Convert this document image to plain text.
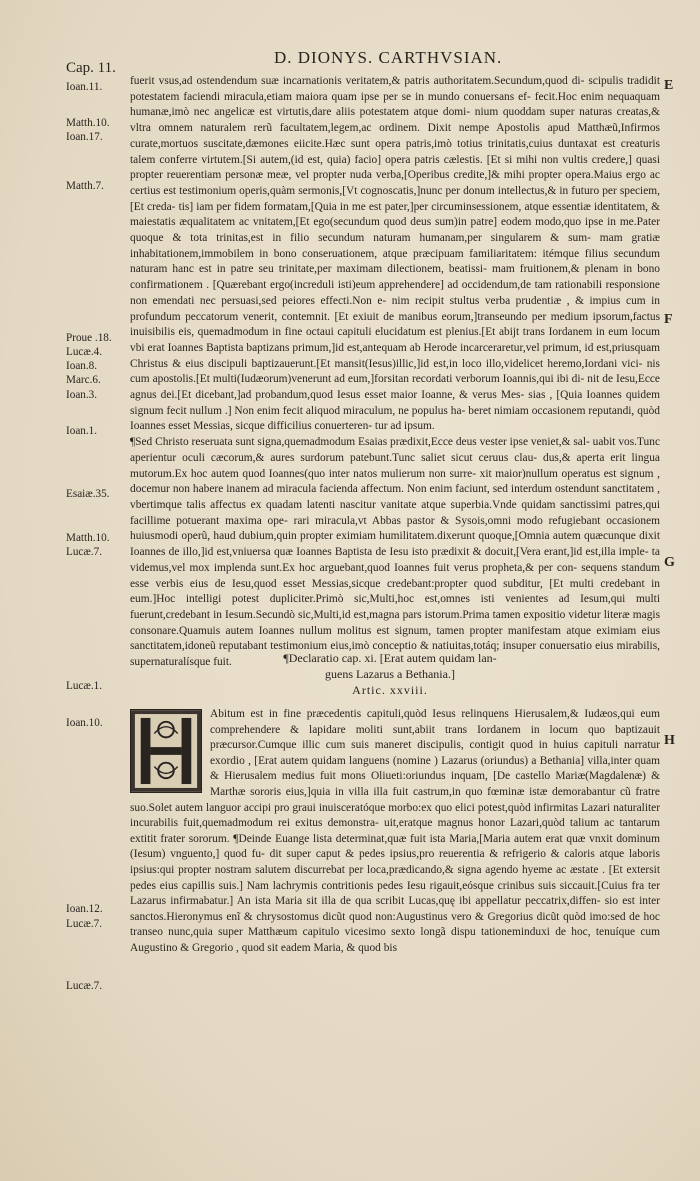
Cap. 11.
D. DIONYS. CARTHVSIAN.
Ioan.11.
Matth.10.
Ioan.17.
Matth.7.
Proue .18.
Lucæ.4.
Ioan.8.
Marc.6.
Ioan.3.
Ioan.1.
Esaiæ.35.
Matth.10.
Lucæ.7.
Lucæ.1.
Ioan.10.
Ioan.12.
Lucæ.7.
Lucæ.7.
E
F
G
H

fuerit vsus,ad ostendendum suæ incarnationis veritatem,& patris authoritatem.Secundum,quod di- scipulis tradidit potestatem faciendi miracula,etiam maiora quam ipse per se in mundo conuersans ef- fecit.Hoc enim nequaquam humanæ,imò nec angelicæ est virtutis,dare aliis potestatem atque domi- nium quoddam super naturas creatas,& vltra omnem naturalem rerũ facultatem,legem,ac ordinem. Dixit nempe Apostolis apud Matthæũ,Infirmos curate,mortuos suscitate,dæmones eiicite.Hæc sunt opera patris,imò totius trinitatis,cuius duntaxat est creaturis talem conferre virtutem.[Si autem,(id est, quia) facio] opera patris cælestis. [Et si mihi non vultis credere,] quasi propter reuerentiam personæ meæ, vel propter nuda verba,[Operibus credite,]& mihi propter opera.Maius ergo ac certius est testimonium operis,quàm sermonis,[Vt cognoscatis,]nunc per donum intellectus,& in futuro per speciem, [Et creda- tis] iam per fidem formatam,[Quia in me est pater,]per circuminsessionem, atque essentiæ identitatem, & maiestatis æqualitatem ac vnitatem,[Et ego(secundum quod deus sum)in patre] eodem modo,quo ipse in me.Pater quoque & tota trinitas,est in filio secundum naturam humanam,per singularem & sum- mam gratiæ inhabitationem,immobilem in bono conseruationem, atque præcipuam familiaritatem: itémque filius secundum naturam hanc est in patre seu trinitate,per maximam dilectionem, beatissi- mam fruitionem,& plenam in bono confirmationem . [Quærebant ergo(increduli isti)eum apprehendere] ad occidendum,de tam rationabili responsione non emendati nec persuasi,sed peiores effecti.Non e- nim recipit stultus verba prudentiæ , & impius cum in profundum peccatorum venerit, contemnit. [Et exiuit de manibus eorum,]transeundo per medium ipsorum,factus inuisibilis eis, quemadmodum in fine octaui capituli elucidatum est plenius.[Et abijt trans Iordanem in eum locum vbi erat Ioannes Baptista baptizans primum,]id est,antequam ab Herode incarceraretur,vel primum, id est,priusquam Christus & eius discipuli baptizauerunt.[Et mansit(Iesus)illic,]id est,in loco illo,videlicet heremo,Iordani vici- nis cum apostolis.[Et multi(Iudæorum)venerunt ad eum,]forsitan recordati verborum Ioannis,qui ibi di- nit de Iesu,Ecce agnus dei.[Et dicebant,]ad probandum,quod Iesus esset maior Ioanne, & verus Mes- sias , [Quia Ioannes quidem signum fecit nullum .] Non enim fecit aliquod miraculum, ne populus ha- beret nimiam occasionem reputandi, quòd Ioannes esset Messias, sicque difficilius conuerteren- tur ad ipsum.

¶Sed Christo reseruata sunt signa,quemadmodum Esaias prædixit,Ecce deus vester ipse veniet,& sal- uabit vos.Tunc aperientur oculi cæcorum,& aures surdorum patebunt.Tunc saliet sicut ceruus clau- dus,& aperta erit lingua mutorum.Ex hoc autem quod Ioannes(quo inter natos mulierum non surre- xit maior)nullum operatus est signum , docemur non habere inanem ad miracula facienda affectum. Non enim faciunt, sed interdum ostendunt sanctitatem , vbertimque talis affectus ex quadam latenti nascitur vanitate atque superbia.Vnde quidam sanctissimi patres,qui facillime potuerant maxima ope- rari miracula,vt Abbas pastor & Sysois,omni modo refugiebant occasionem huiusmodi operũ, haud dubium,quin propter eximiam humilitatem.dixerunt quoque,[Omnia autem quæcunque dixit Ioannes de illo,]id est,vniuersa quæ Ioannes Baptista de Iesu isto prædixit & docuit,[Vera erant,]id est,illa imple- ta videmus,vel mox implenda sunt.Ex hoc arguebant,quod Ioannes fuit verus propheta,& per con- sequens standum esse verbis eius de Iesu,quod esset Messias,sicque credebant:propter quod subditur, [Et multi credebant in eum.]Hoc intelligi potest dupliciter.Primò sic,Multi,hoc est,omnes isti venientes ad Iesum,qui multi fuerunt,credebant in Iesum.Secundò sic,Multi,id est,magna pars istorum.Prima tamen expositio videtur literæ magis consonare.Quamuis autem Ioannes nullum molitus est signum, tamen propter manifestam atque eximiam eius sanctitatem,idoneũ reputabant testimonium eius,imò conceptio & natiuitas,totáq; insuper conuersatio eius mirabilis, supernaturalísque fuit.	¶Declaratio cap. xi. [Erat autem quidam lan-
guens Lazarus a Bethania.]
Artic. xxviii.
Abitum est in fine præcedentis capituli,quòd Iesus relinquens Hierusalem,& Iudæos,qui eum comprehendere & lapidare moliti sunt,abiit trans Iordanem in locum quo baptizauit præcursor.Cumque illic cum suis maneret discipulis, contigit quod in huius capituli narratur exordio , [Erat autem quidam languens (nomine ) Lazarus (oriundus) a Bethania] villa,inter quam & Hierusalem medius fuit mons Oliueti:oriundus inquam, [De castello Mariæ(Magdalenæ) & Marthæ sororis eius,]quia in villa illa fuit castrum,in quo fœminæ istæ demorabantur cũ fratre suo.Solet autem languor accipi pro graui inuisceratóque morbo:ex quo elici potest,quòd infirmitas Lazari naturaliter incurabilis fuit,quemadmodum rei exitus demonstra- uit,eratque magnus honor Lazari,quòd talium ac tantarum extitit frater sororum. ¶Deinde Euange lista determinat,quæ fuit ista Maria,[Maria autem erat quæ vnxit dominum (Iesum) vnguento,] quod fu- dit super caput & pedes ipsius,pro reuerentia & refrigerio & caloris atque laboris ipsius:qui propter nostram salutem discurrebat per loca,prædicando,& signa agendo hyeme ac æstate . [Et extersit pedes eius capillis suis.] Nam lachrymis contritionis pedes Iesu rigauit,eósque crinibus suis siccauit.[Cuius fra ter Lazarus infirmabatur.] An ista Maria sit illa de qua scribit Lucas,quę ibi appellatur peccatrix,diffen- sio est inter sanctos.Hieronymus enĩ & chrysostomus dicũt quod non:Augustinus vero & Gregorius dicũt quòd imo:sed de hoc transeo nunc,quia super Matthæum capitulo vicesimo sexto longã dispu tationeminduxi de hoc, tenuíque cum Augustino & Gregorio , quod sit eadem Maria, & quod bis
